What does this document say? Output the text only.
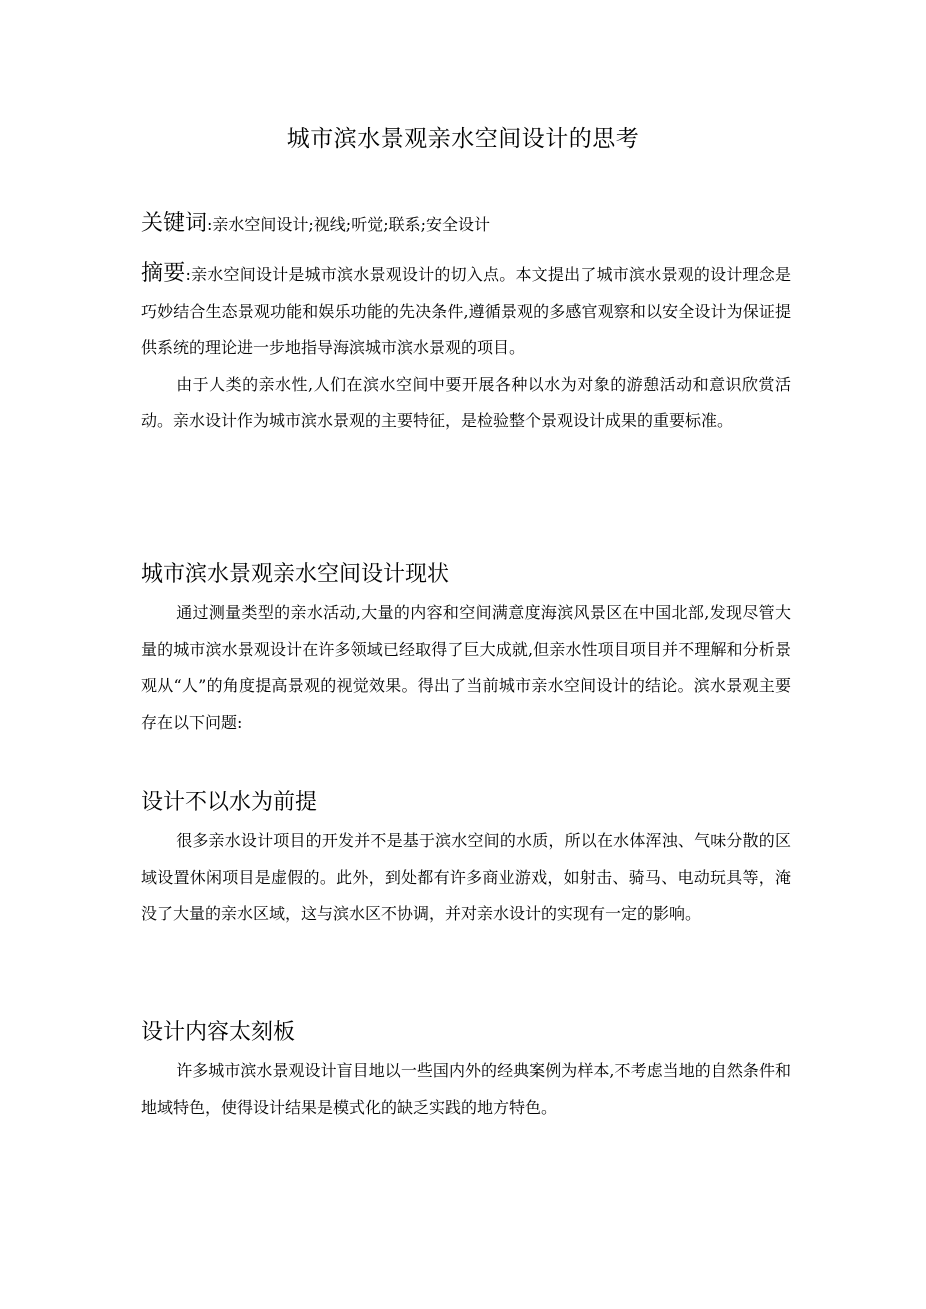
城市滨水景观亲水空间设计的思考
关键词:亲水空间设计;视线;听觉;联系;安全设计

摘要:亲水空间设计是城市滨水景观设计的切入点。本文提出了城市滨水景观的设计理念是巧妙结合生态景观功能和娱乐功能的先决条件,遵循景观的多感官观察和以安全设计为保证提供系统的理论进一步地指导海滨城市滨水景观的项目。

由于人类的亲水性,人们在滨水空间中要开展各种以水为对象的游憩活动和意识欣赏活动。亲水设计作为城市滨水景观的主要特征，是检验整个景观设计成果的重要标准。

城市滨水景观亲水空间设计现状

通过测量类型的亲水活动,大量的内容和空间满意度海滨风景区在中国北部,发现尽管大量的城市滨水景观设计在许多领域已经取得了巨大成就,但亲水性项目项目并不理解和分析景观从“人”的角度提高景观的视觉效果。得出了当前城市亲水空间设计的结论。滨水景观主要存在以下问题:

设计不以水为前提

很多亲水设计项目的开发并不是基于滨水空间的水质，所以在水体浑浊、气味分散的区域设置休闲项目是虚假的。此外，到处都有许多商业游戏，如射击、骑马、电动玩具等，淹没了大量的亲水区域，这与滨水区不协调，并对亲水设计的实现有一定的影响。

设计内容太刻板

许多城市滨水景观设计盲目地以一些国内外的经典案例为样本,不考虑当地的自然条件和地域特色，使得设计结果是模式化的缺乏实践的地方特色。
